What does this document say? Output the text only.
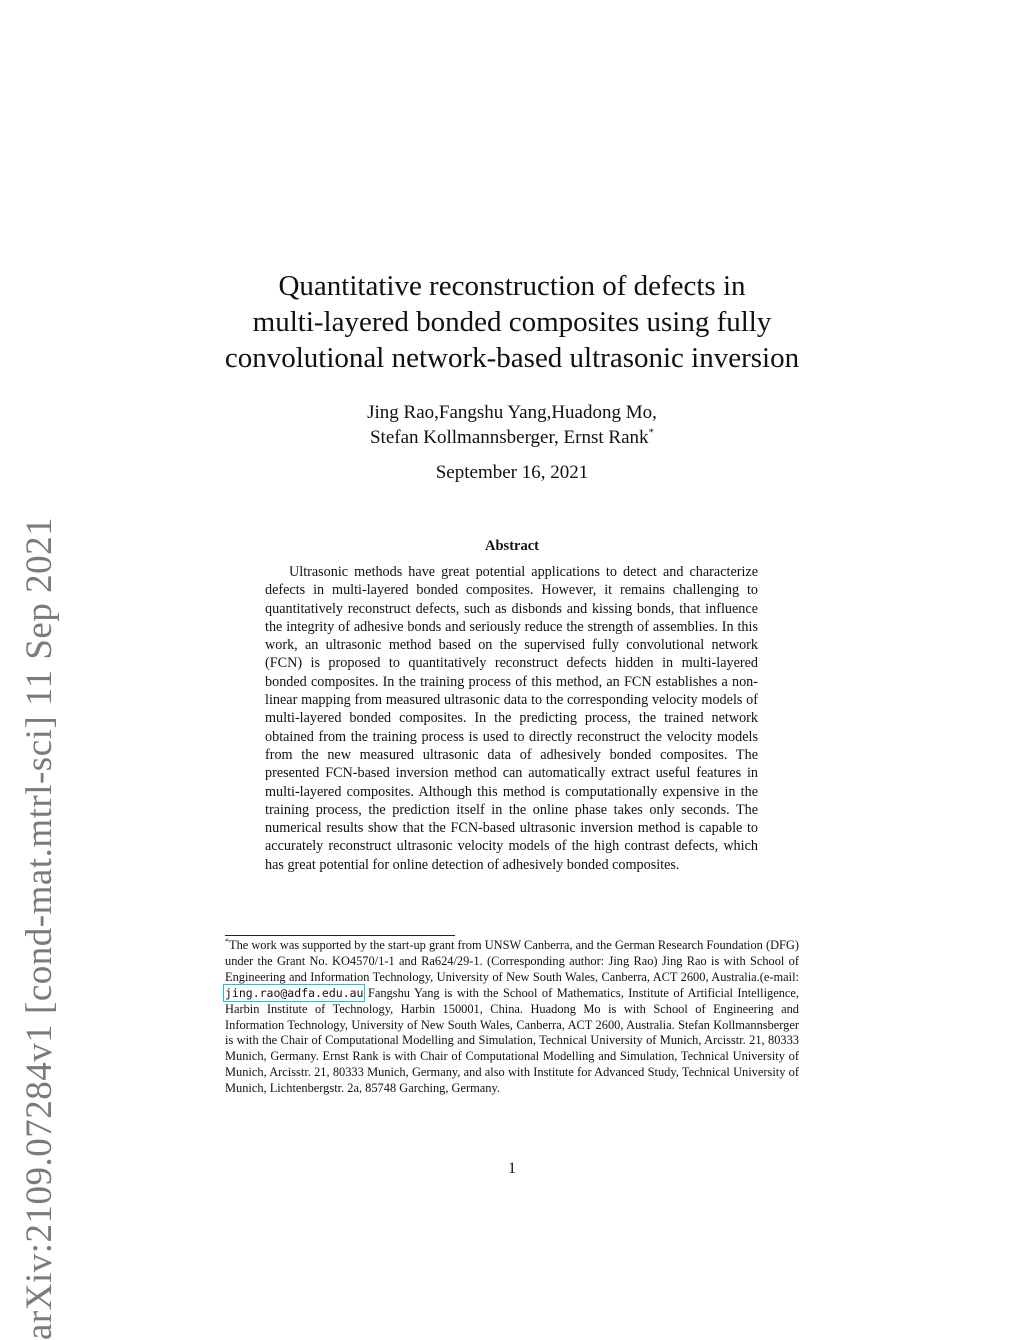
arXiv:2109.07284v1 [cond-mat.mtrl-sci] 11 Sep 2021
Quantitative reconstruction of defects in
multi-layered bonded composites using fully
convolutional network-based ultrasonic inversion
Jing Rao,Fangshu Yang,Huadong Mo,
Stefan Kollmannsberger, Ernst Rank*
September 16, 2021
Abstract

Ultrasonic methods have great potential applications to detect and characterize defects in multi-layered bonded composites. However, it remains challenging to quantitatively reconstruct defects, such as disbonds and kissing bonds, that influence the integrity of adhesive bonds and seriously reduce the strength of assemblies. In this work, an ultrasonic method based on the supervised fully convolutional network (FCN) is proposed to quantitatively reconstruct defects hidden in multi-layered bonded composites. In the training process of this method, an FCN establishes a non-linear mapping from measured ultrasonic data to the corresponding velocity models of multi-layered bonded composites. In the predicting process, the trained network obtained from the training process is used to directly reconstruct the velocity models from the new measured ultrasonic data of adhesively bonded composites. The presented FCN-based inversion method can automatically extract useful features in multi-layered composites. Although this method is computationally expensive in the training process, the prediction itself in the online phase takes only seconds. The numerical results show that the FCN-based ultrasonic inversion method is capable to accurately reconstruct ultrasonic velocity models of the high contrast defects, which has great potential for online detection of adhesively bonded composites.

*The work was supported by the start-up grant from UNSW Canberra, and the German Research Foundation (DFG) under the Grant No. KO4570/1-1 and Ra624/29-1. (Corresponding author: Jing Rao) Jing Rao is with School of Engineering and Information Technology, University of New South Wales, Canberra, ACT 2600, Australia.(e-mail: jing.rao@adfa.edu.au Fangshu Yang is with the School of Mathematics, Institute of Artificial Intelligence, Harbin Institute of Technology, Harbin 150001, China. Huadong Mo is with School of Engineering and Information Technology, University of New South Wales, Canberra, ACT 2600, Australia. Stefan Kollmannsberger is with the Chair of Computational Modelling and Simulation, Technical University of Munich, Arcisstr. 21, 80333 Munich, Germany. Ernst Rank is with Chair of Computational Modelling and Simulation, Technical University of Munich, Arcisstr. 21, 80333 Munich, Germany, and also with Institute for Advanced Study, Technical University of Munich, Lichtenbergstr. 2a, 85748 Garching, Germany.

1
